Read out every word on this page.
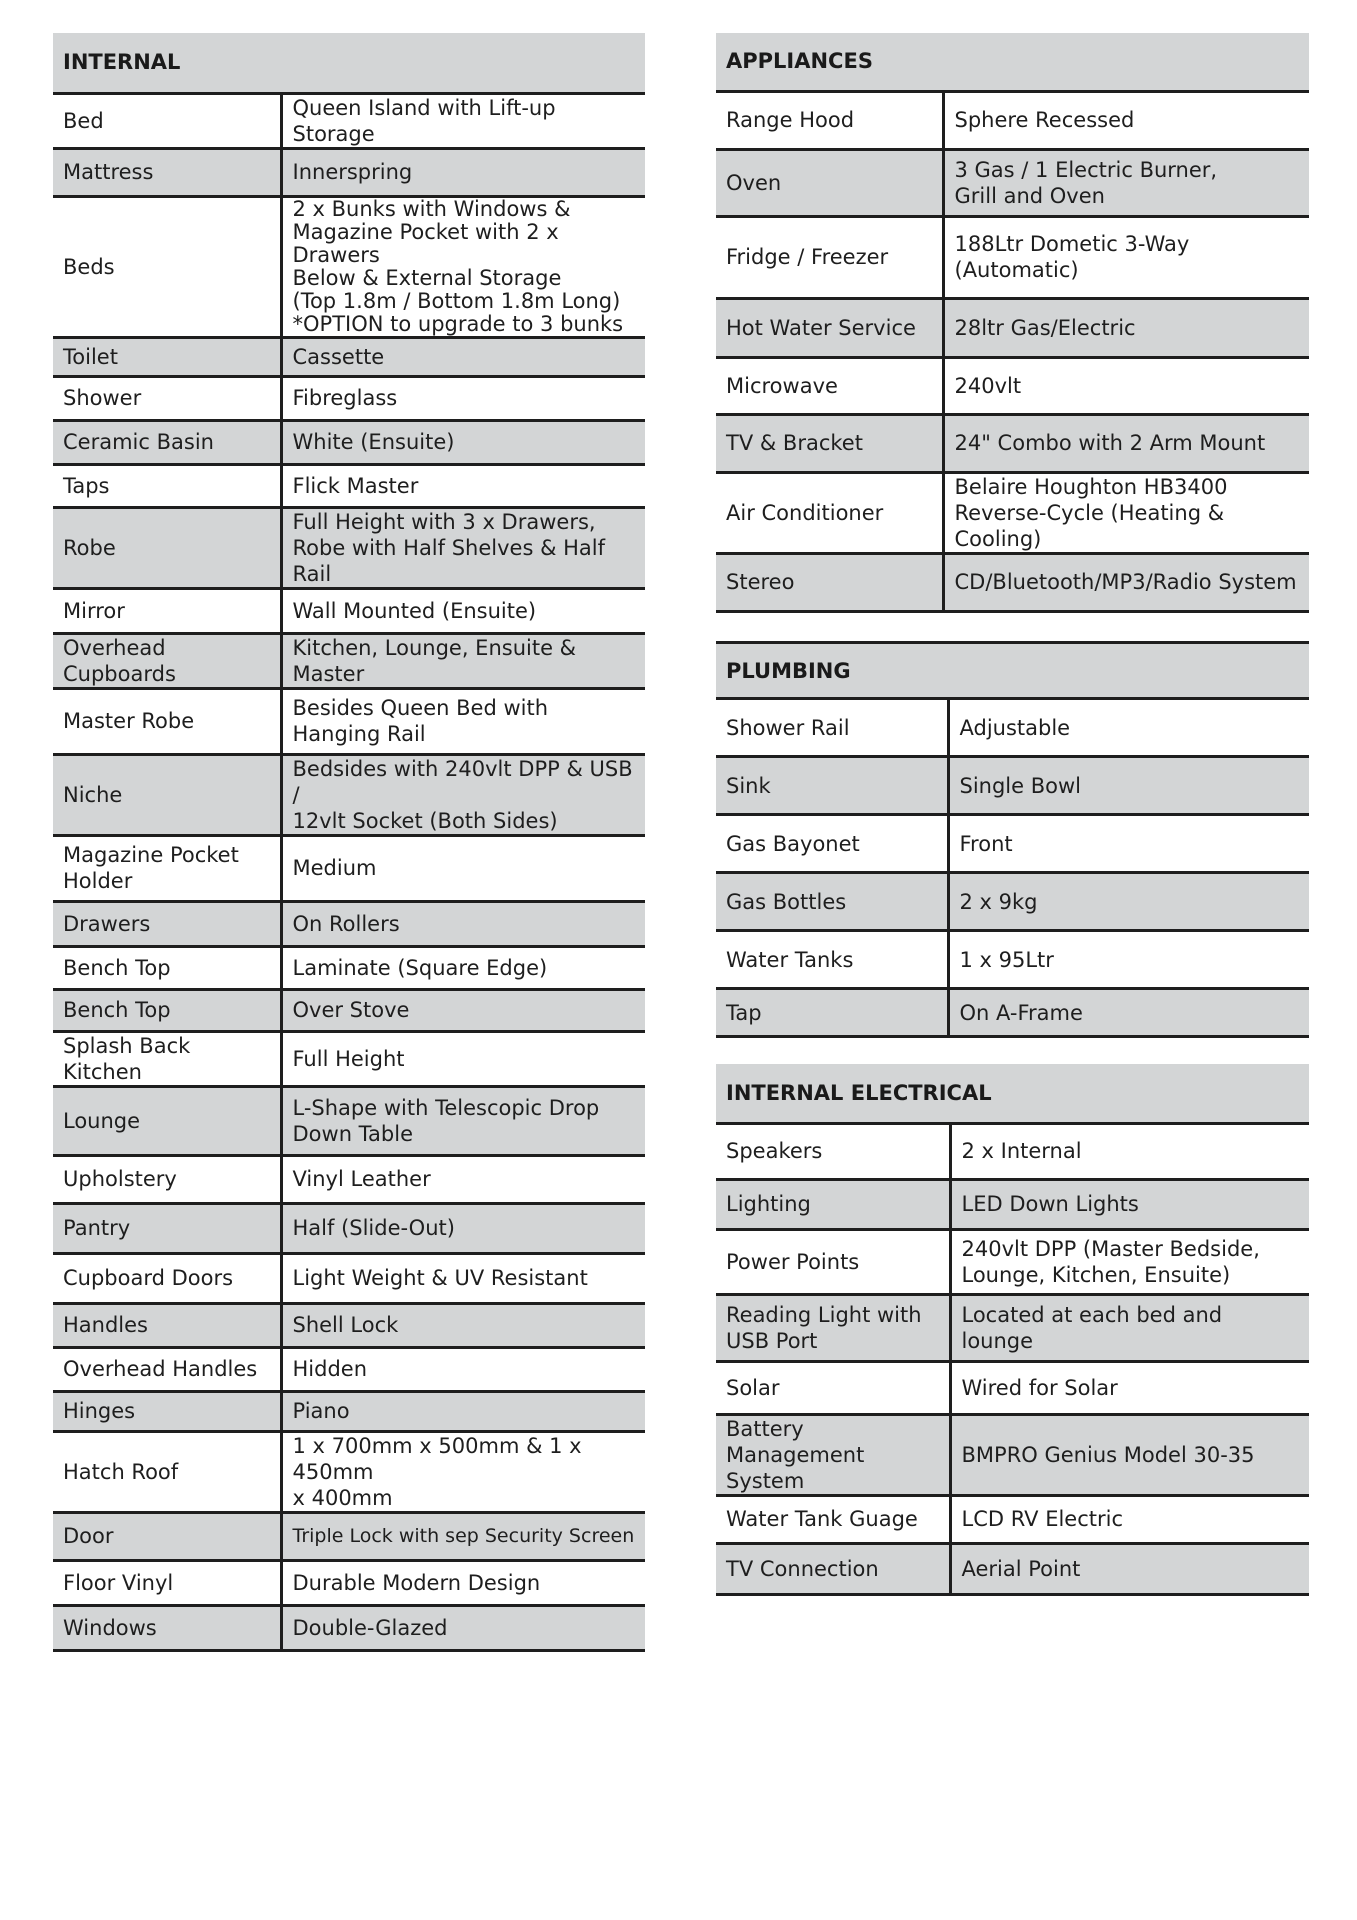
INTERNAL	
Bed	Queen Island with Lift-up Storage
Mattress	Innerspring
Beds	2 x Bunks with Windows &
Magazine Pocket with 2 x Drawers
Below & External Storage
(Top 1.8m / Bottom 1.8m Long)
*OPTION to upgrade to 3 bunks
Toilet	Cassette
Shower	Fibreglass
Ceramic Basin	White (Ensuite)
Taps	Flick Master
Robe	Full Height with 3 x Drawers,
Robe with Half Shelves & Half Rail
Mirror	Wall Mounted (Ensuite)
Overhead Cupboards	Kitchen, Lounge, Ensuite & Master
Master Robe	Besides Queen Bed with
Hanging Rail
Niche	Bedsides with 240vlt DPP & USB /
12vlt Socket (Both Sides)
Magazine Pocket
Holder	Medium
Drawers	On Rollers
Bench Top	Laminate (Square Edge)
Bench Top	Over Stove
Splash Back Kitchen	Full Height
Lounge	L-Shape with Telescopic Drop
Down Table
Upholstery	Vinyl Leather
Pantry	Half (Slide-Out)
Cupboard Doors	Light Weight & UV Resistant
Handles	Shell Lock
Overhead Handles	Hidden
Hinges	Piano
Hatch Roof	1 x 700mm x 500mm & 1 x 450mm
x 400mm
Door	Triple Lock with sep Security Screen
Floor Vinyl	Durable Modern Design
Windows	Double-Glazed
APPLIANCES	
Range Hood	Sphere Recessed
Oven	3 Gas / 1 Electric Burner,
Grill and Oven
Fridge / Freezer	188Ltr Dometic 3-Way (Automatic)
Hot Water Service	28ltr Gas/Electric
Microwave	240vlt
TV & Bracket	24" Combo with 2 Arm Mount
Air Conditioner	Belaire Houghton HB3400
Reverse-Cycle (Heating & Cooling)
Stereo	CD/Bluetooth/MP3/Radio System
PLUMBING	
Shower Rail	Adjustable
Sink	Single Bowl
Gas Bayonet	Front
Gas Bottles	2 x 9kg
Water Tanks	1 x 95Ltr
Tap	On A-Frame
INTERNAL ELECTRICAL	
Speakers	2 x Internal
Lighting	LED Down Lights
Power Points	240vlt DPP (Master Bedside,
Lounge, Kitchen, Ensuite)
Reading Light with
USB Port	Located at each bed and lounge
Solar	Wired for Solar
Battery Management
System	BMPRO Genius Model 30-35
Water Tank Guage	LCD RV Electric
TV Connection	Aerial Point
